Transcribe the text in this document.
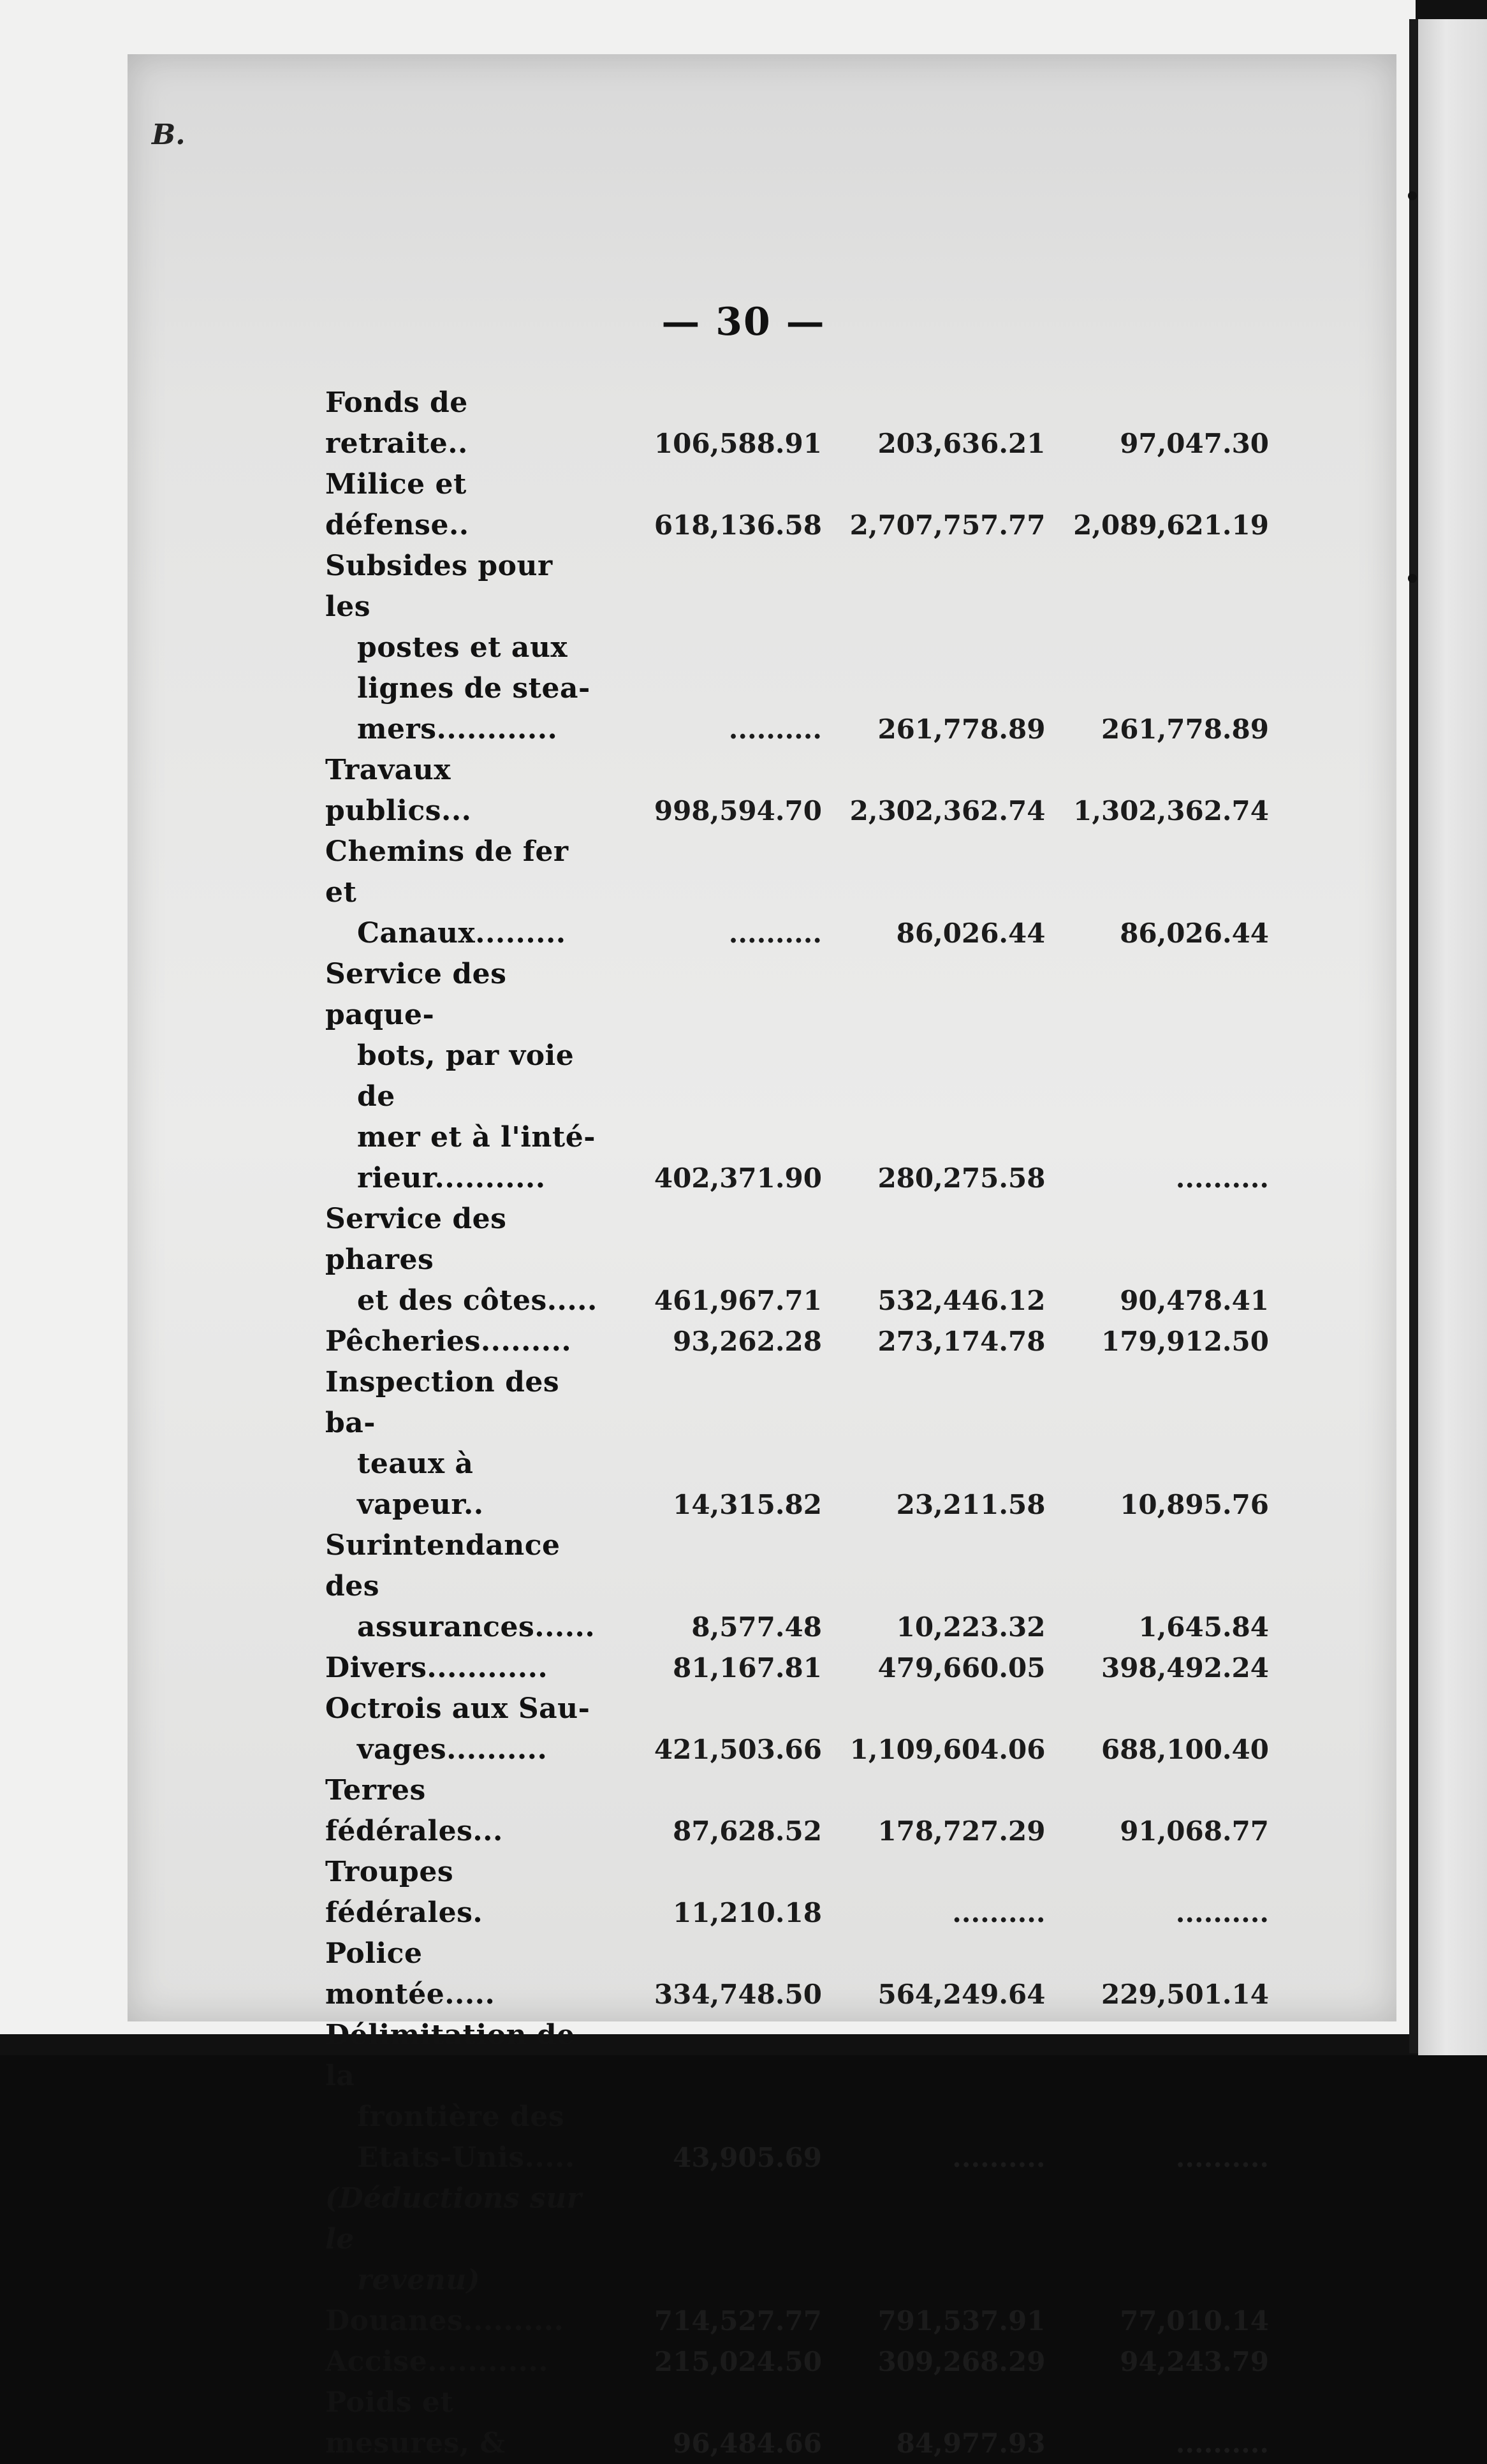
B.
— 30 —
Fonds de retraite..	106,588.91	203,636.21	97,047.30
Milice et défense..	618,136.58	2,707,757.77	2,089,621.19
Subsides pour les
postes et aux
lignes de stea-
mers............	..........	261,778.89	261,778.89
Travaux publics...	998,594.70	2,302,362.74	1,302,362.74
Chemins de fer et
Canaux.........	..........	86,026.44	86,026.44
Service des paque-
bots, par voie de
mer et à l'inté-
rieur...........	402,371.90	280,275.58	..........
Service des phares
et des côtes.....	461,967.71	532,446.12	90,478.41
Pêcheries.........	93,262.28	273,174.78	179,912.50
Inspection des ba-
teaux à vapeur..	14,315.82	23,211.58	10,895.76
Surintendance des
assurances......	8,577.48	10,223.32	1,645.84
Divers............	81,167.81	479,660.05	398,492.24
Octrois aux Sau-
vages..........	421,503.66	1,109,604.06	688,100.40
Terres fédérales...	87,628.52	178,727.29	91,068.77
Troupes fédérales.	11,210.18	..........	..........
Police montée.....	334,748.50	564,249.64	229,501.14
Délimitation de la
frontière des
Etats-Unis.....	43,905.69	..........	..........
(Déductions sur le
revenu)
Douanes..........	714,527.77	791,537.91	77,010.14
Accise............	215,024.50	309,268.29	94,243.79
Poids et mesures, &	96,484.66	84,977.93	..........
